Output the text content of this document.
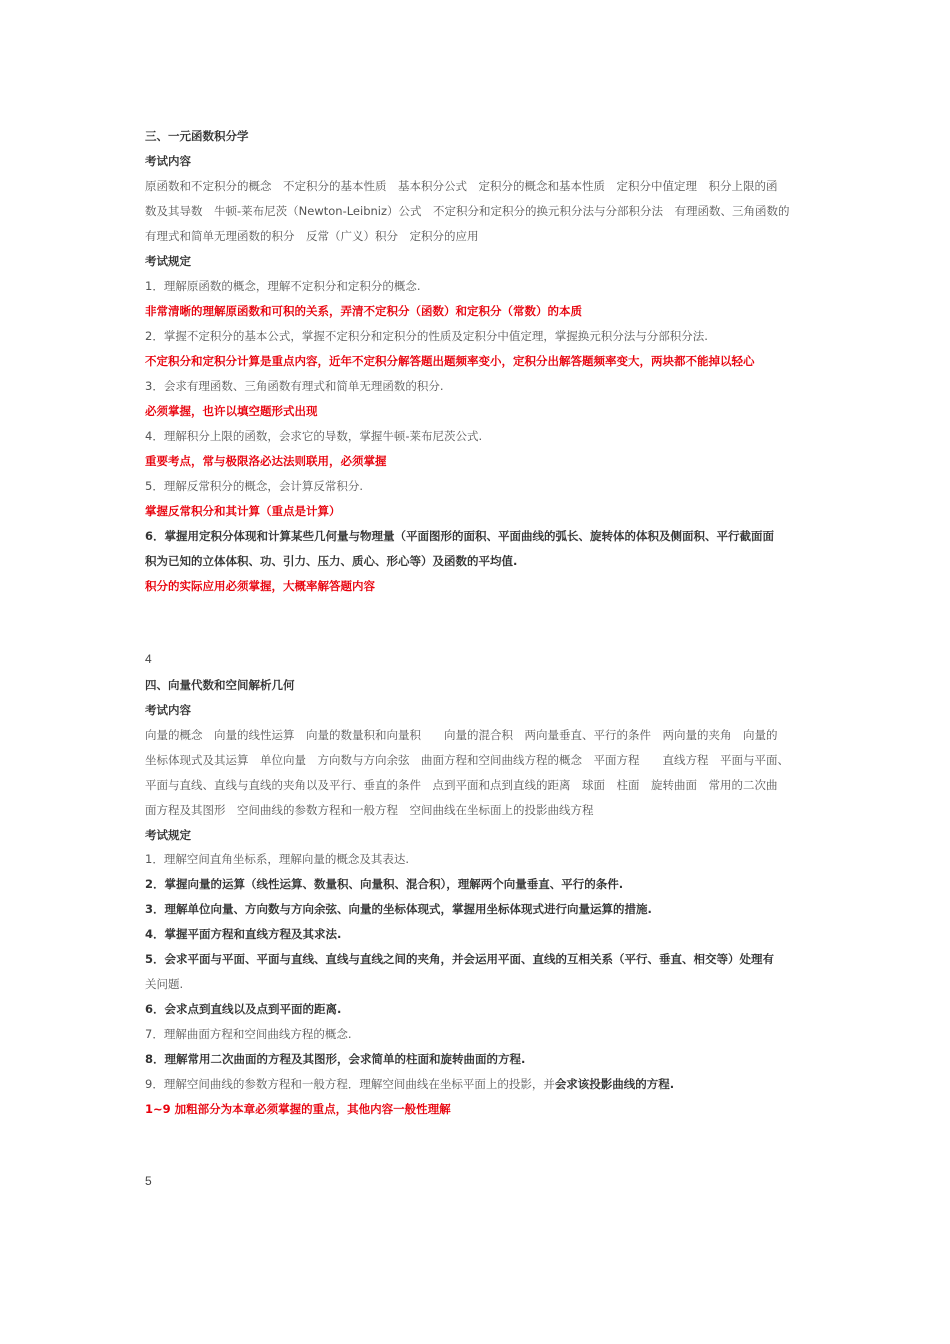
三、一元函数积分学
考试内容
原函数和不定积分的概念　不定积分的基本性质　基本积分公式　定积分的概念和基本性质　定积分中值定理　积分上限的函
数及其导数　牛顿-莱布尼茨（Newton-Leibniz）公式　不定积分和定积分的换元积分法与分部积分法　有理函数、三角函数的
有理式和简单无理函数的积分　反常（广义）积分　定积分的应用
考试规定
1．理解原函数的概念，理解不定积分和定积分的概念.
非常清晰的理解原函数和可积的关系，弄清不定积分（函数）和定积分（常数）的本质
2．掌握不定积分的基本公式，掌握不定积分和定积分的性质及定积分中值定理，掌握换元积分法与分部积分法.
不定积分和定积分计算是重点内容，近年不定积分解答题出题频率变小，定积分出解答题频率变大，两块都不能掉以轻心
3．会求有理函数、三角函数有理式和简单无理函数的积分.
必须掌握，也许以填空题形式出现
4．理解积分上限的函数，会求它的导数，掌握牛顿-莱布尼茨公式.
重要考点，常与极限洛必达法则联用，必须掌握
5．理解反常积分的概念，会计算反常积分.
掌握反常积分和其计算（重点是计算）
6．掌握用定积分体现和计算某些几何量与物理量（平面图形的面积、平面曲线的弧长、旋转体的体积及侧面积、平行截面面
积为已知的立体体积、功、引力、压力、质心、形心等）及函数的平均值.
积分的实际应用必须掌握，大概率解答题内容
4
四、向量代数和空间解析几何
考试内容
向量的概念　向量的线性运算　向量的数量积和向量积　　向量的混合积　两向量垂直、平行的条件　两向量的夹角　向量的
坐标体现式及其运算　单位向量　方向数与方向余弦　曲面方程和空间曲线方程的概念　平面方程　　直线方程　平面与平面、
平面与直线、直线与直线的夹角以及平行、垂直的条件　点到平面和点到直线的距离　球面　柱面　旋转曲面　常用的二次曲
面方程及其图形　空间曲线的参数方程和一般方程　空间曲线在坐标面上的投影曲线方程
考试规定
1．理解空间直角坐标系，理解向量的概念及其表达.
2．掌握向量的运算（线性运算、数量积、向量积、混合积），理解两个向量垂直、平行的条件.
3．理解单位向量、方向数与方向余弦、向量的坐标体现式，掌握用坐标体现式进行向量运算的措施.
4．掌握平面方程和直线方程及其求法.
5．会求平面与平面、平面与直线、直线与直线之间的夹角，并会运用平面、直线的互相关系（平行、垂直、相交等）处理有
关问题.
6．会求点到直线以及点到平面的距离.
7．理解曲面方程和空间曲线方程的概念.
8．理解常用二次曲面的方程及其图形，会求简单的柱面和旋转曲面的方程.
9．理解空间曲线的参数方程和一般方程．理解空间曲线在坐标平面上的投影，并会求该投影曲线的方程.
1~9 加粗部分为本章必须掌握的重点，其他内容一般性理解
5
